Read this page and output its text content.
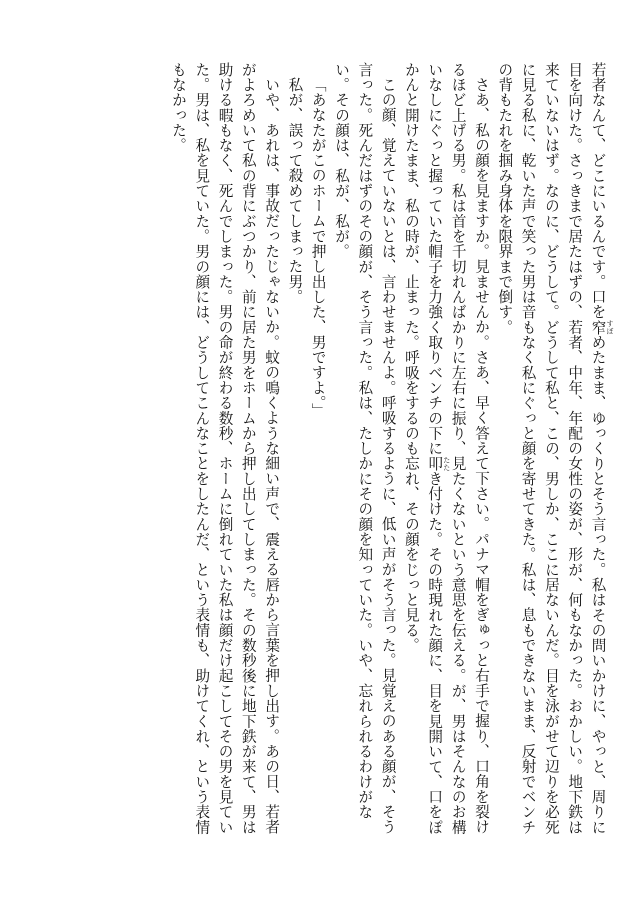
若者なんて、どこにいるんです。口を窄 すぼめたまま、ゆっくりとそう言った。私はその問いかけに、やっと、周りに目を向けた。さっきまで居たはずの、若者、中年、年配の女性の姿が、形が、何もなかった。おかしい。地下鉄は来ていないはず。なのに、どうして。どうして私と、この、男しか、ここに居ないんだ。目を泳がせて辺りを必死に見る私に、乾いた声で笑った男は音もなく私にぐっと顔を寄せてきた。私は、息もできないまま、反射でベンチの背もたれを掴み身体を限界まで倒す。

さあ、私の顔を見ますか。見ませんか。さあ、早く答えて下さい。パナマ帽をぎゅっと右手で握り、口角を裂けるほど上げる男。私は首を千切れんばかりに左右に振り、見たくないという意思を伝える。が、男はそんなのお構いなしにぐっと握っていた帽子を力強く取りベンチの下に叩 たたき付けた。その時現れた顔に、目を見開いて、口をぽかんと開けたまま、私の時が、止まった。呼吸をするのも忘れ、その顔をじっと見る。

この顔、覚えていないとは、言わせませんよ。呼吸するように、低い声がそう言った。見覚えのある顔が、そう言った。死んだはずのその顔が、そう言った。私は、たしかにその顔を知っていた。いや、忘れられるわけがない。その顔は、私が、私が。

「あなたがこのホームで押し出した、男ですよ。」

私が、誤って殺めてしまった男。

いや、あれは、事故だったじゃないか。蚊の鳴くような細い声で、震える唇から言葉を押し出す。あの日、若者がよろめいて私の背にぶつかり、前に居た男をホームから押し出してしまった。その数秒後に地下鉄が来て、男は助ける暇もなく、死んでしまった。男の命が終わる数秒、ホームに倒れていた私は顔だけ起こしてその男を見ていた。男は、私を見ていた。男の顔には、どうしてこんなことをしたんだ、という表情も、助けてくれ、という表情もなかった。
